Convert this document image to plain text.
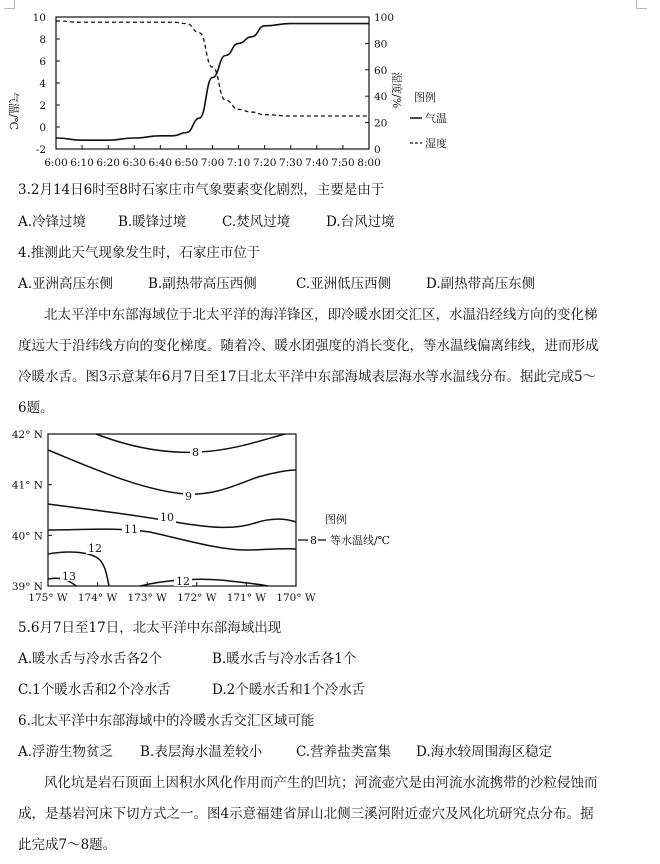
6:00 6:10 6:20 6:30 6:40 6:50 7:00 7:10 7:20 7:30 7:40 7:50 8:00
-2
0
2
4
6
8
10
0
20
40
60
80
100
气温/℃
湿度/% 图例
气温
湿度
3.2月14日6时至8时石家庄市气象要素变化剧烈，主要是由于
A.冷锋过境 B.暖锋过境	C.焚风过境	D.台风过境
4.推测此天气现象发生时，石家庄市位于
A.亚洲高压东侧	B.副热带高压西侧	C.亚洲低压西侧	D.副热带高压东侧
北太平洋中东部海域位于北太平洋的海洋锋区，即冷暖水团交汇区，水温沿经线方向的变化梯
度远大于沿纬线方向的变化梯度。随着冷、暖水团强度的消长变化，等水温线偏离纬线，进而形成
冷暖水舌。图3示意某年6月7日至17日北太平洋中东部海城表层海水等水温线分布。据此完成5～
6题。
42° N
41° N
40° N
39° N
175° W 174° W 173° W 172° W 171° W 170° W
8
9
10
11
12
12
13
图例
8 等水温线/℃
5.6月7日至17日，北太平洋中东部海域出现
A.暖水舌与冷水舌各2个	B.暖水舌与冷水舌各1个
C.1个暖水舌和2个冷水舌	D.2个暖水舌和1个冷水舌
6.北太平洋中东部海域中的冷暖水舌交汇区域可能
A.浮游生物贫乏 B.表层海水温差较小	C.营养盐类富集 D.海水较周围海区稳定
风化坑是岩石顶面上因积水风化作用而产生的凹坑；河流壶穴是由河流水流携带的沙粒侵蚀而
成，是基岩河床下切方式之一。图4示意福建省屏山北侧三溪河附近壶穴及风化坑研究点分布。据
此完成7～8题。
